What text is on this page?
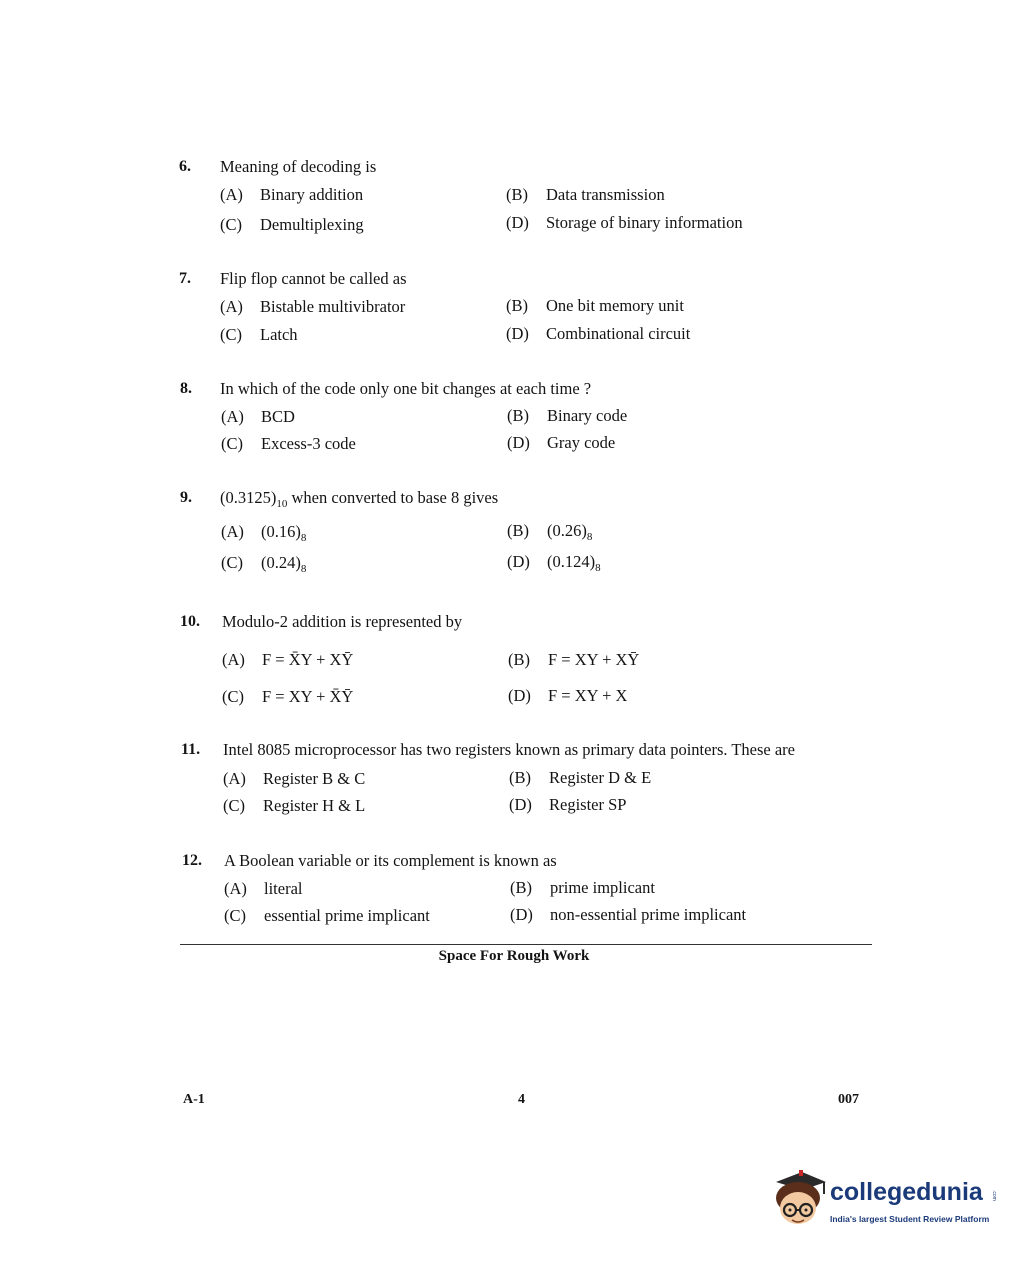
6. Meaning of decoding is
(A) Binary addition	(B) Data transmission
(C) Demultiplexing	(D) Storage of binary information
7. Flip flop cannot be called as
(A) Bistable multivibrator	(B) One bit memory unit
(C) Latch	(D) Combinational circuit
8. In which of the code only one bit changes at each time ?
(A) BCD	(B) Binary code
(C) Excess-3 code	(D) Gray code
9. $(0.3125)_{10}$ when converted to base 8 gives
(A) $(0.16)_8$	(B) $(0.26)_8$
(C) $(0.24)_8$	(D) $(0.124)_8$
10. Modulo-2 addition is represented by
(A) F = X̄Y + XȲ	(B) F = XY + XȲ
(C) F = XY + X̄Ȳ	(D) F = XY + X
11. Intel 8085 microprocessor has two registers known as primary data pointers. These are
(A) Register B & C	(B) Register D & E
(C) Register H & L	(D) Register SP
12. A Boolean variable or its complement is known as
(A) literal	(B) prime implicant
(C) essential prime implicant	(D) non-essential prime implicant
Space For Rough Work
A-1	4	007
collegedunia .com
India's largest Student Review Platform
